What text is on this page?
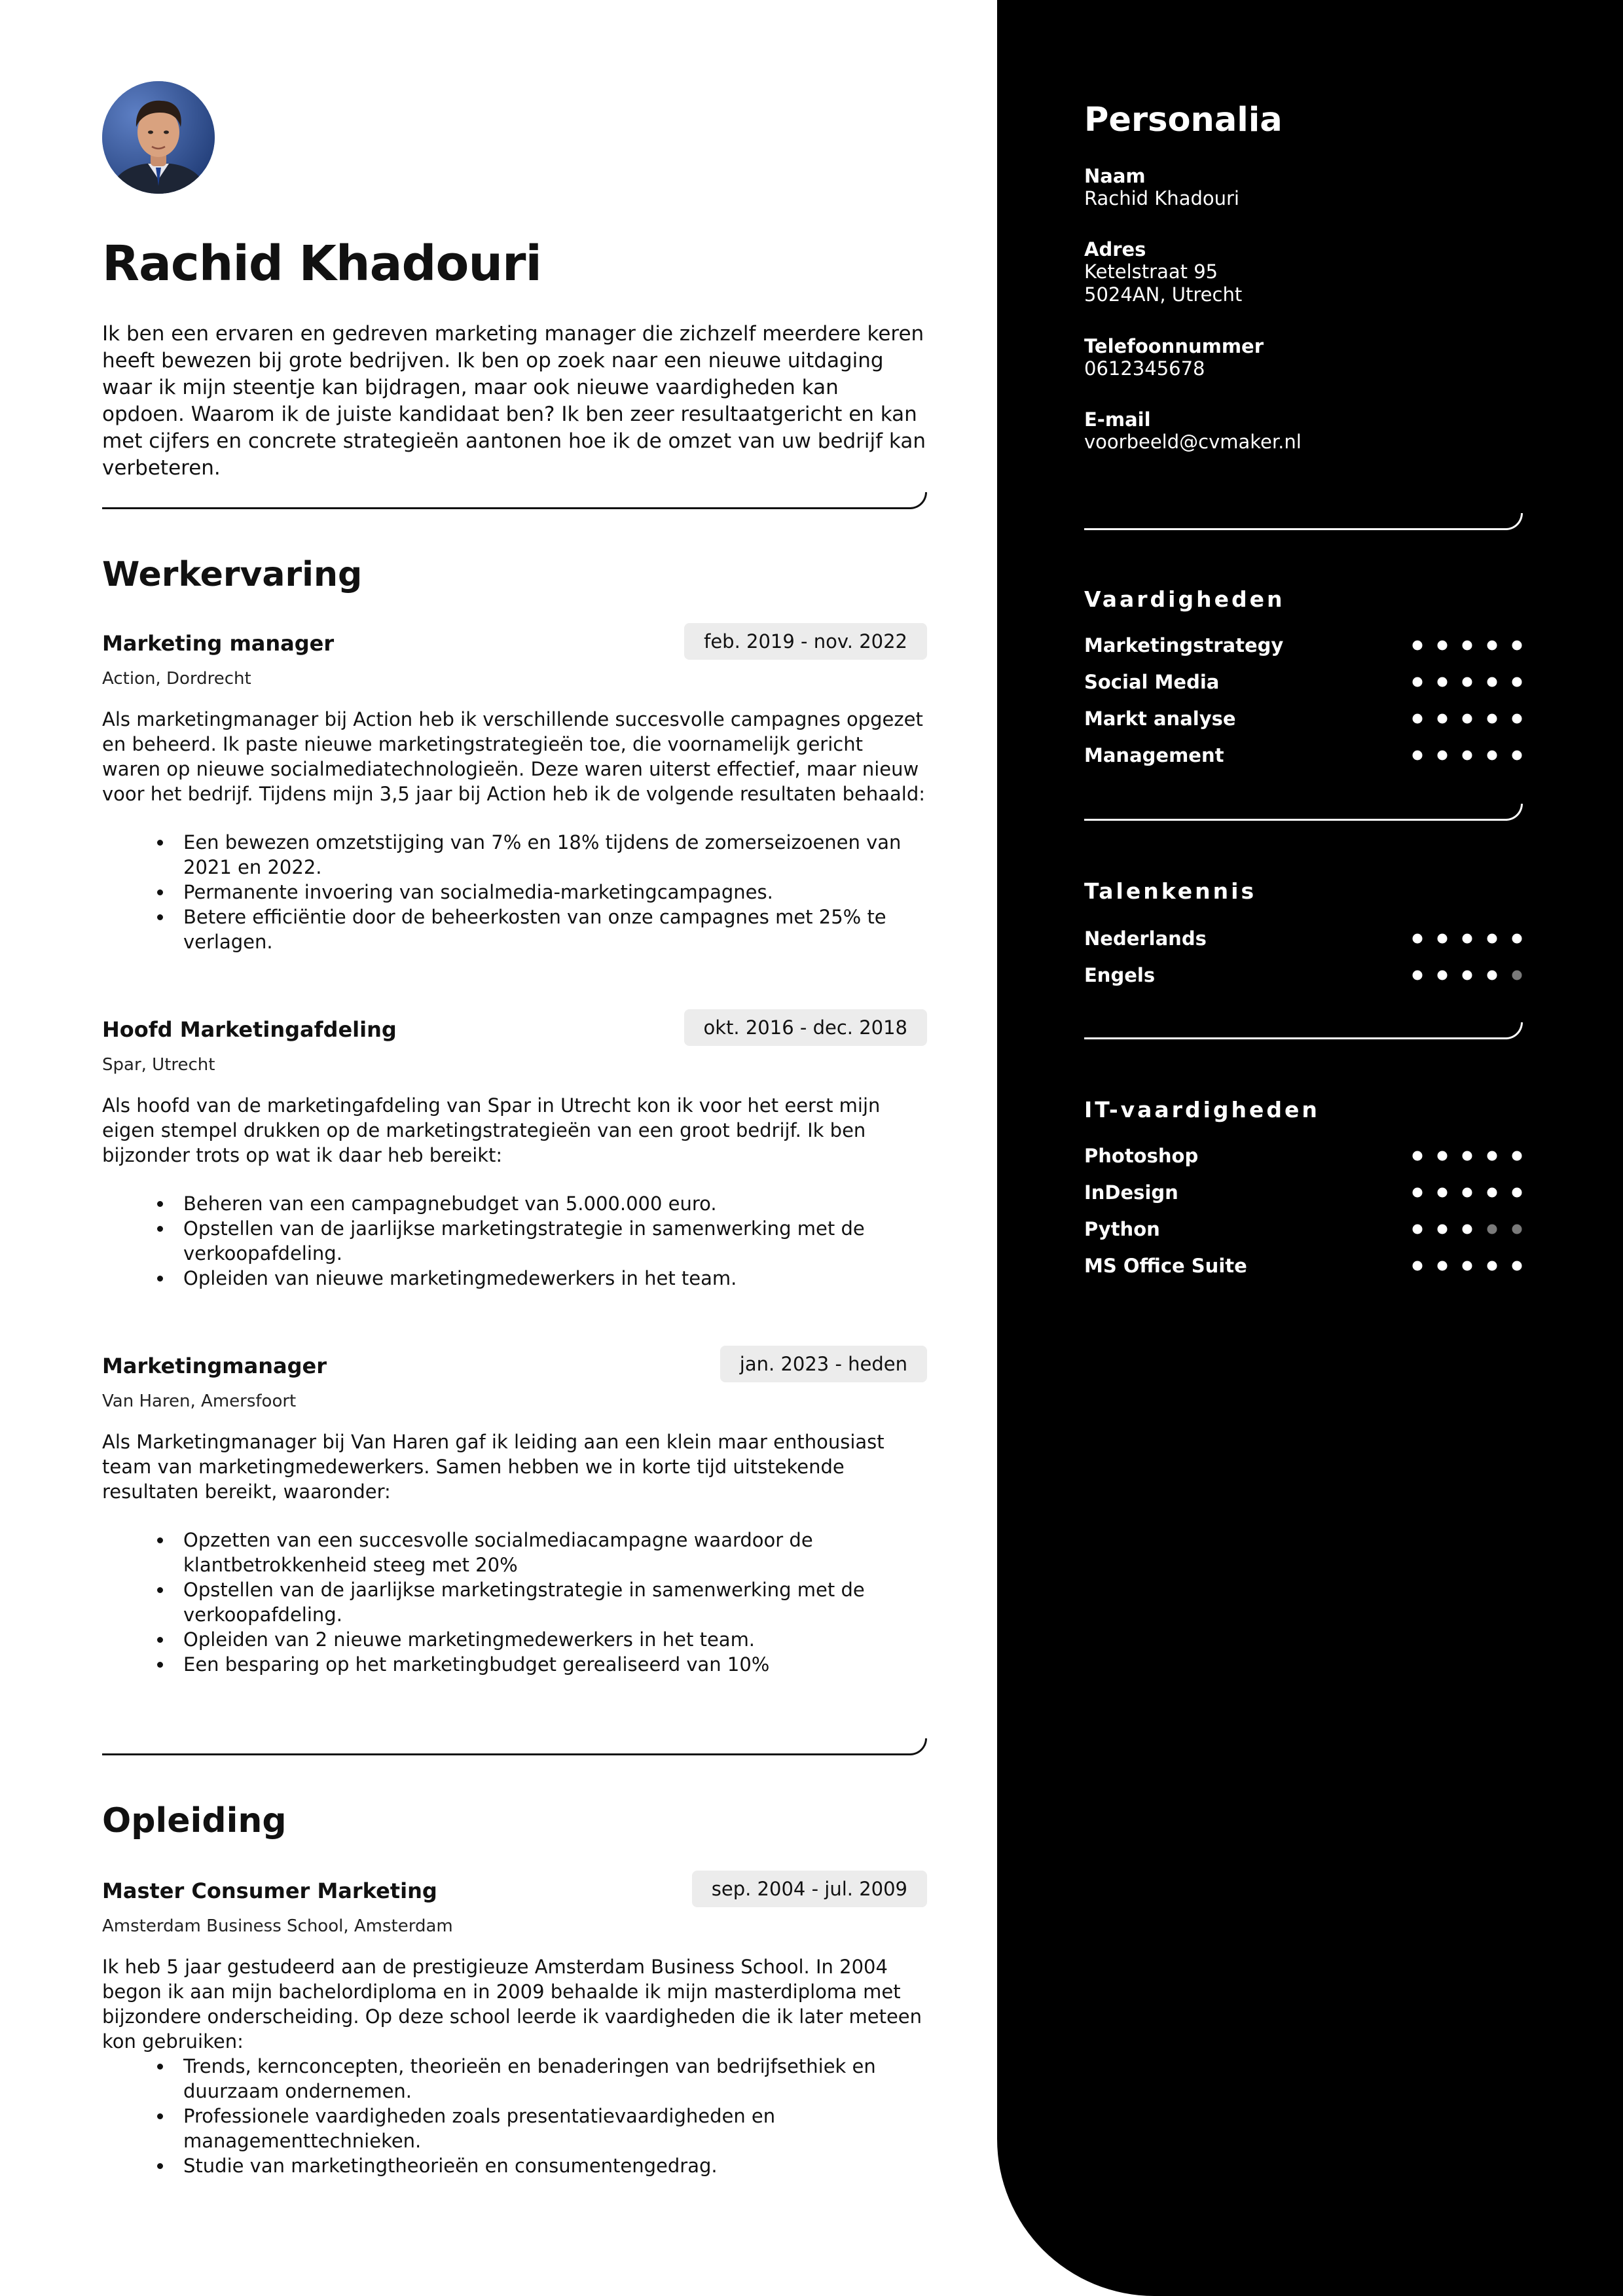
Rachid Khadouri
Ik ben een ervaren en gedreven marketing manager die zichzelf meerdere keren heeft bewezen bij grote bedrijven. Ik ben op zoek naar een nieuwe uitdaging waar ik mijn steentje kan bijdragen, maar ook nieuwe vaardigheden kan opdoen. Waarom ik de juiste kandidaat ben? Ik ben zeer resultaatgericht en kan met cijfers en concrete strategieën aantonen hoe ik de omzet van uw bedrijf kan verbeteren.
Werkervaring
Marketing manager	feb. 2019 - nov. 2022
Action, Dordrecht
Als marketingmanager bij Action heb ik verschillende succesvolle campagnes opgezet en beheerd. Ik paste nieuwe marketingstrategieën toe, die voornamelijk gericht waren op nieuwe socialmediatechnologieën. Deze waren uiterst effectief, maar nieuw voor het bedrijf. Tijdens mijn 3,5 jaar bij Action heb ik de volgende resultaten behaald:
Een bewezen omzetstijging van 7% en 18% tijdens de zomerseizoenen van 2021 en 2022.
Permanente invoering van socialmedia-marketingcampagnes.
Betere efficiëntie door de beheerkosten van onze campagnes met 25% te verlagen.
Hoofd Marketingafdeling	okt. 2016 - dec. 2018
Spar, Utrecht
Als hoofd van de marketingafdeling van Spar in Utrecht kon ik voor het eerst mijn eigen stempel drukken op de marketingstrategieën van een groot bedrijf. Ik ben bijzonder trots op wat ik daar heb bereikt:
Beheren van een campagnebudget van 5.000.000 euro.
Opstellen van de jaarlijkse marketingstrategie in samenwerking met de verkoopafdeling.
Opleiden van nieuwe marketingmedewerkers in het team.
Marketingmanager	jan. 2023 - heden
Van Haren, Amersfoort
Als Marketingmanager bij Van Haren gaf ik leiding aan een klein maar enthousiast team van marketingmedewerkers. Samen hebben we in korte tijd uitstekende resultaten bereikt, waaronder:
Opzetten van een succesvolle socialmediacampagne waardoor de klantbetrokkenheid steeg met 20%
Opstellen van de jaarlijkse marketingstrategie in samenwerking met de verkoopafdeling.
Opleiden van 2 nieuwe marketingmedewerkers in het team.
Een besparing op het marketingbudget gerealiseerd van 10%
Opleiding
Master Consumer Marketing	sep. 2004 - jul. 2009
Amsterdam Business School, Amsterdam
Ik heb 5 jaar gestudeerd aan de prestigieuze Amsterdam Business School. In 2004 begon ik aan mijn bachelordiploma en in 2009 behaalde ik mijn masterdiploma met bijzondere onderscheiding. Op deze school leerde ik vaardigheden die ik later meteen kon gebruiken:
Trends, kernconcepten, theorieën en benaderingen van bedrijfsethiek en duurzaam ondernemen.
Professionele vaardigheden zoals presentatievaardigheden en managementtechnieken.
Studie van marketingtheorieën en consumentengedrag.
Personalia
Naam
Rachid Khadouri
Adres
Ketelstraat 95
5024AN, Utrecht
Telefoonnummer
0612345678
E-mail
voorbeeld@cvmaker.nl
Vaardigheden
Marketingstrategy
Social Media
Markt analyse
Management
Talenkennis
Nederlands
Engels
IT-vaardigheden
Photoshop
InDesign
Python
MS Office Suite
